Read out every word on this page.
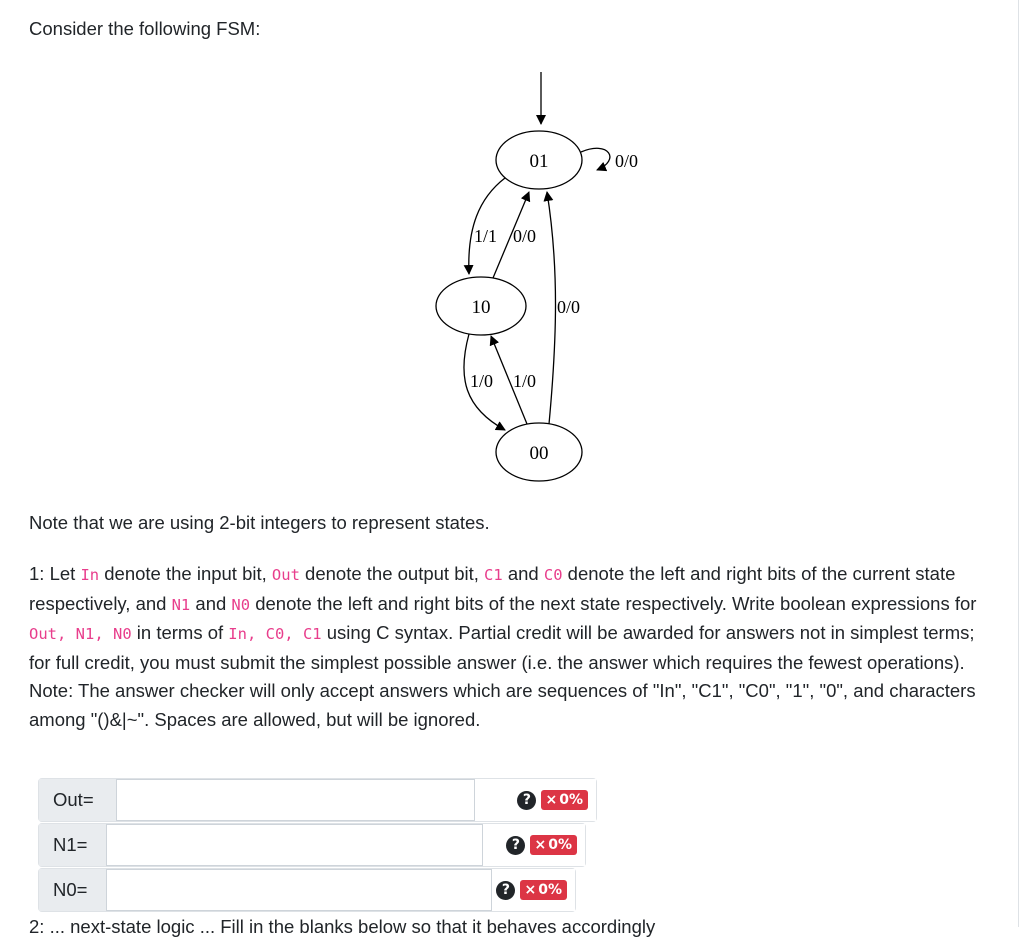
Consider the following FSM:

01
10
00
0/0
1/1 0/0
0/0
1/0 1/0

Note that we are using 2-bit integers to represent states.

1: Let In denote the input bit, Out denote the output bit, C1 and C0 denote the left and right bits of the current state respectively, and N1 and N0 denote the left and right bits of the next state respectively. Write boolean expressions for Out, N1, N0 in terms of In, C0, C1 using C syntax. Partial credit will be awarded for answers not in simplest terms; for full credit, you must submit the simplest possible answer (i.e. the answer which requires the fewest operations). Note: The answer checker will only accept answers which are sequences of "In", "C1", "C0", "1", "0", and characters among "()&|~". Spaces are allowed, but will be ignored.

Out=	?	× 0%
N1=	?	× 0%
N0=	?	× 0%

2: ... next-state logic ... Fill in the blanks below so that it behaves accordingly
